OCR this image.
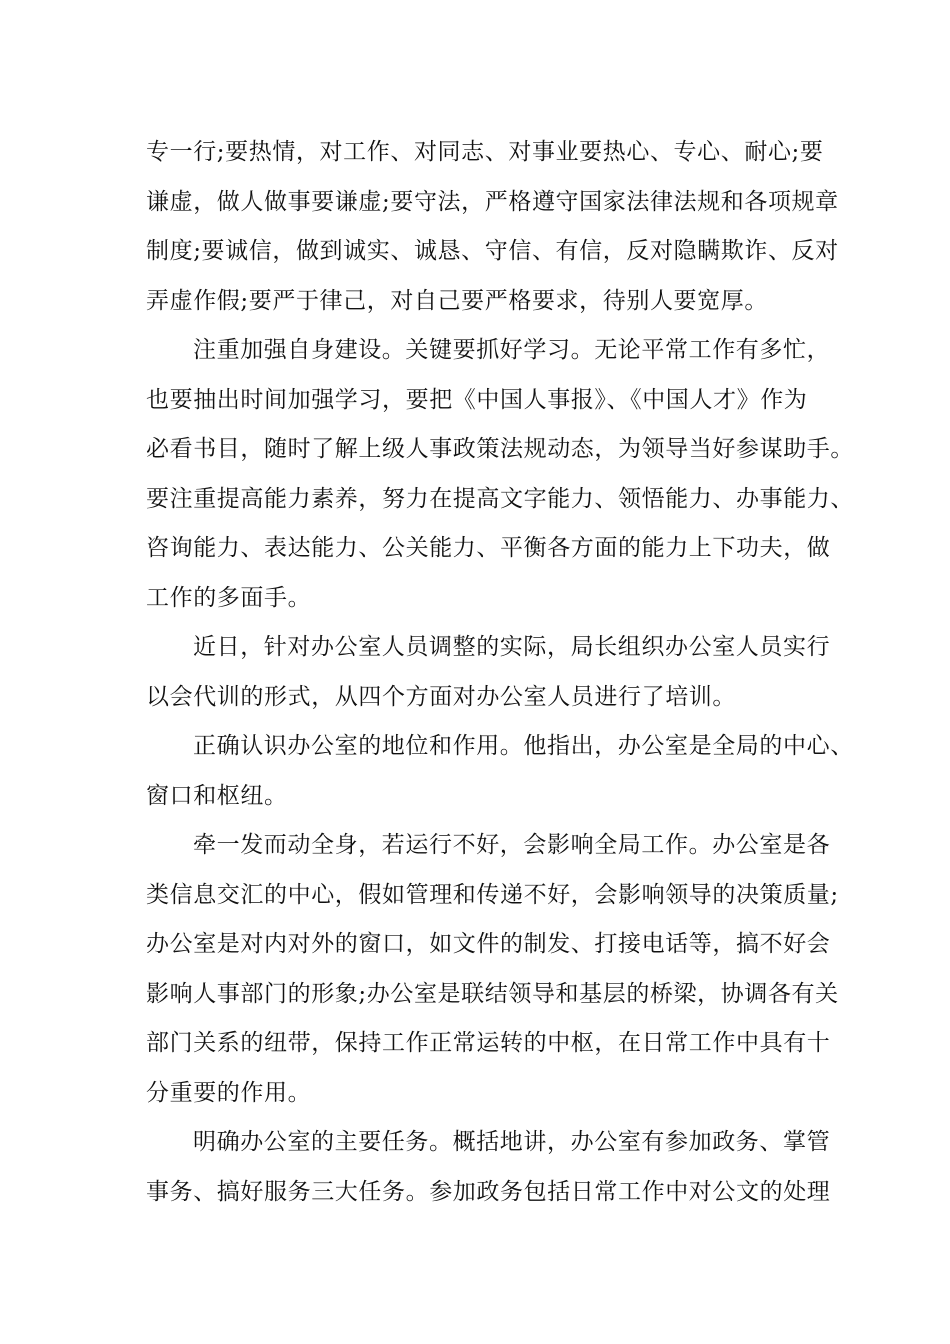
专一行;要热情，对工作、对同志、对事业要热心、专心、耐心;要
谦虚，做人做事要谦虚;要守法，严格遵守国家法律法规和各项规章
制度;要诚信，做到诚实、诚恳、守信、有信，反对隐瞒欺诈、反对
弄虚作假;要严于律己，对自己要严格要求，待别人要宽厚。
注重加强自身建设。关键要抓好学习。无论平常工作有多忙，
也要抽出时间加强学习，要把《中国人事报》、《中国人才》作为
必看书目，随时了解上级人事政策法规动态，为领导当好参谋助手。
要注重提高能力素养，努力在提高文字能力、领悟能力、办事能力、
咨询能力、表达能力、公关能力、平衡各方面的能力上下功夫，做
工作的多面手。
近日，针对办公室人员调整的实际，局长组织办公室人员实行
以会代训的形式，从四个方面对办公室人员进行了培训。
正确认识办公室的地位和作用。他指出，办公室是全局的中心、
窗口和枢纽。
牵一发而动全身，若运行不好，会影响全局工作。办公室是各
类信息交汇的中心，假如管理和传递不好，会影响领导的决策质量;
办公室是对内对外的窗口，如文件的制发、打接电话等，搞不好会
影响人事部门的形象;办公室是联结领导和基层的桥梁，协调各有关
部门关系的纽带，保持工作正常运转的中枢，在日常工作中具有十
分重要的作用。
明确办公室的主要任务。概括地讲，办公室有参加政务、掌管
事务、搞好服务三大任务。参加政务包括日常工作中对公文的处理
